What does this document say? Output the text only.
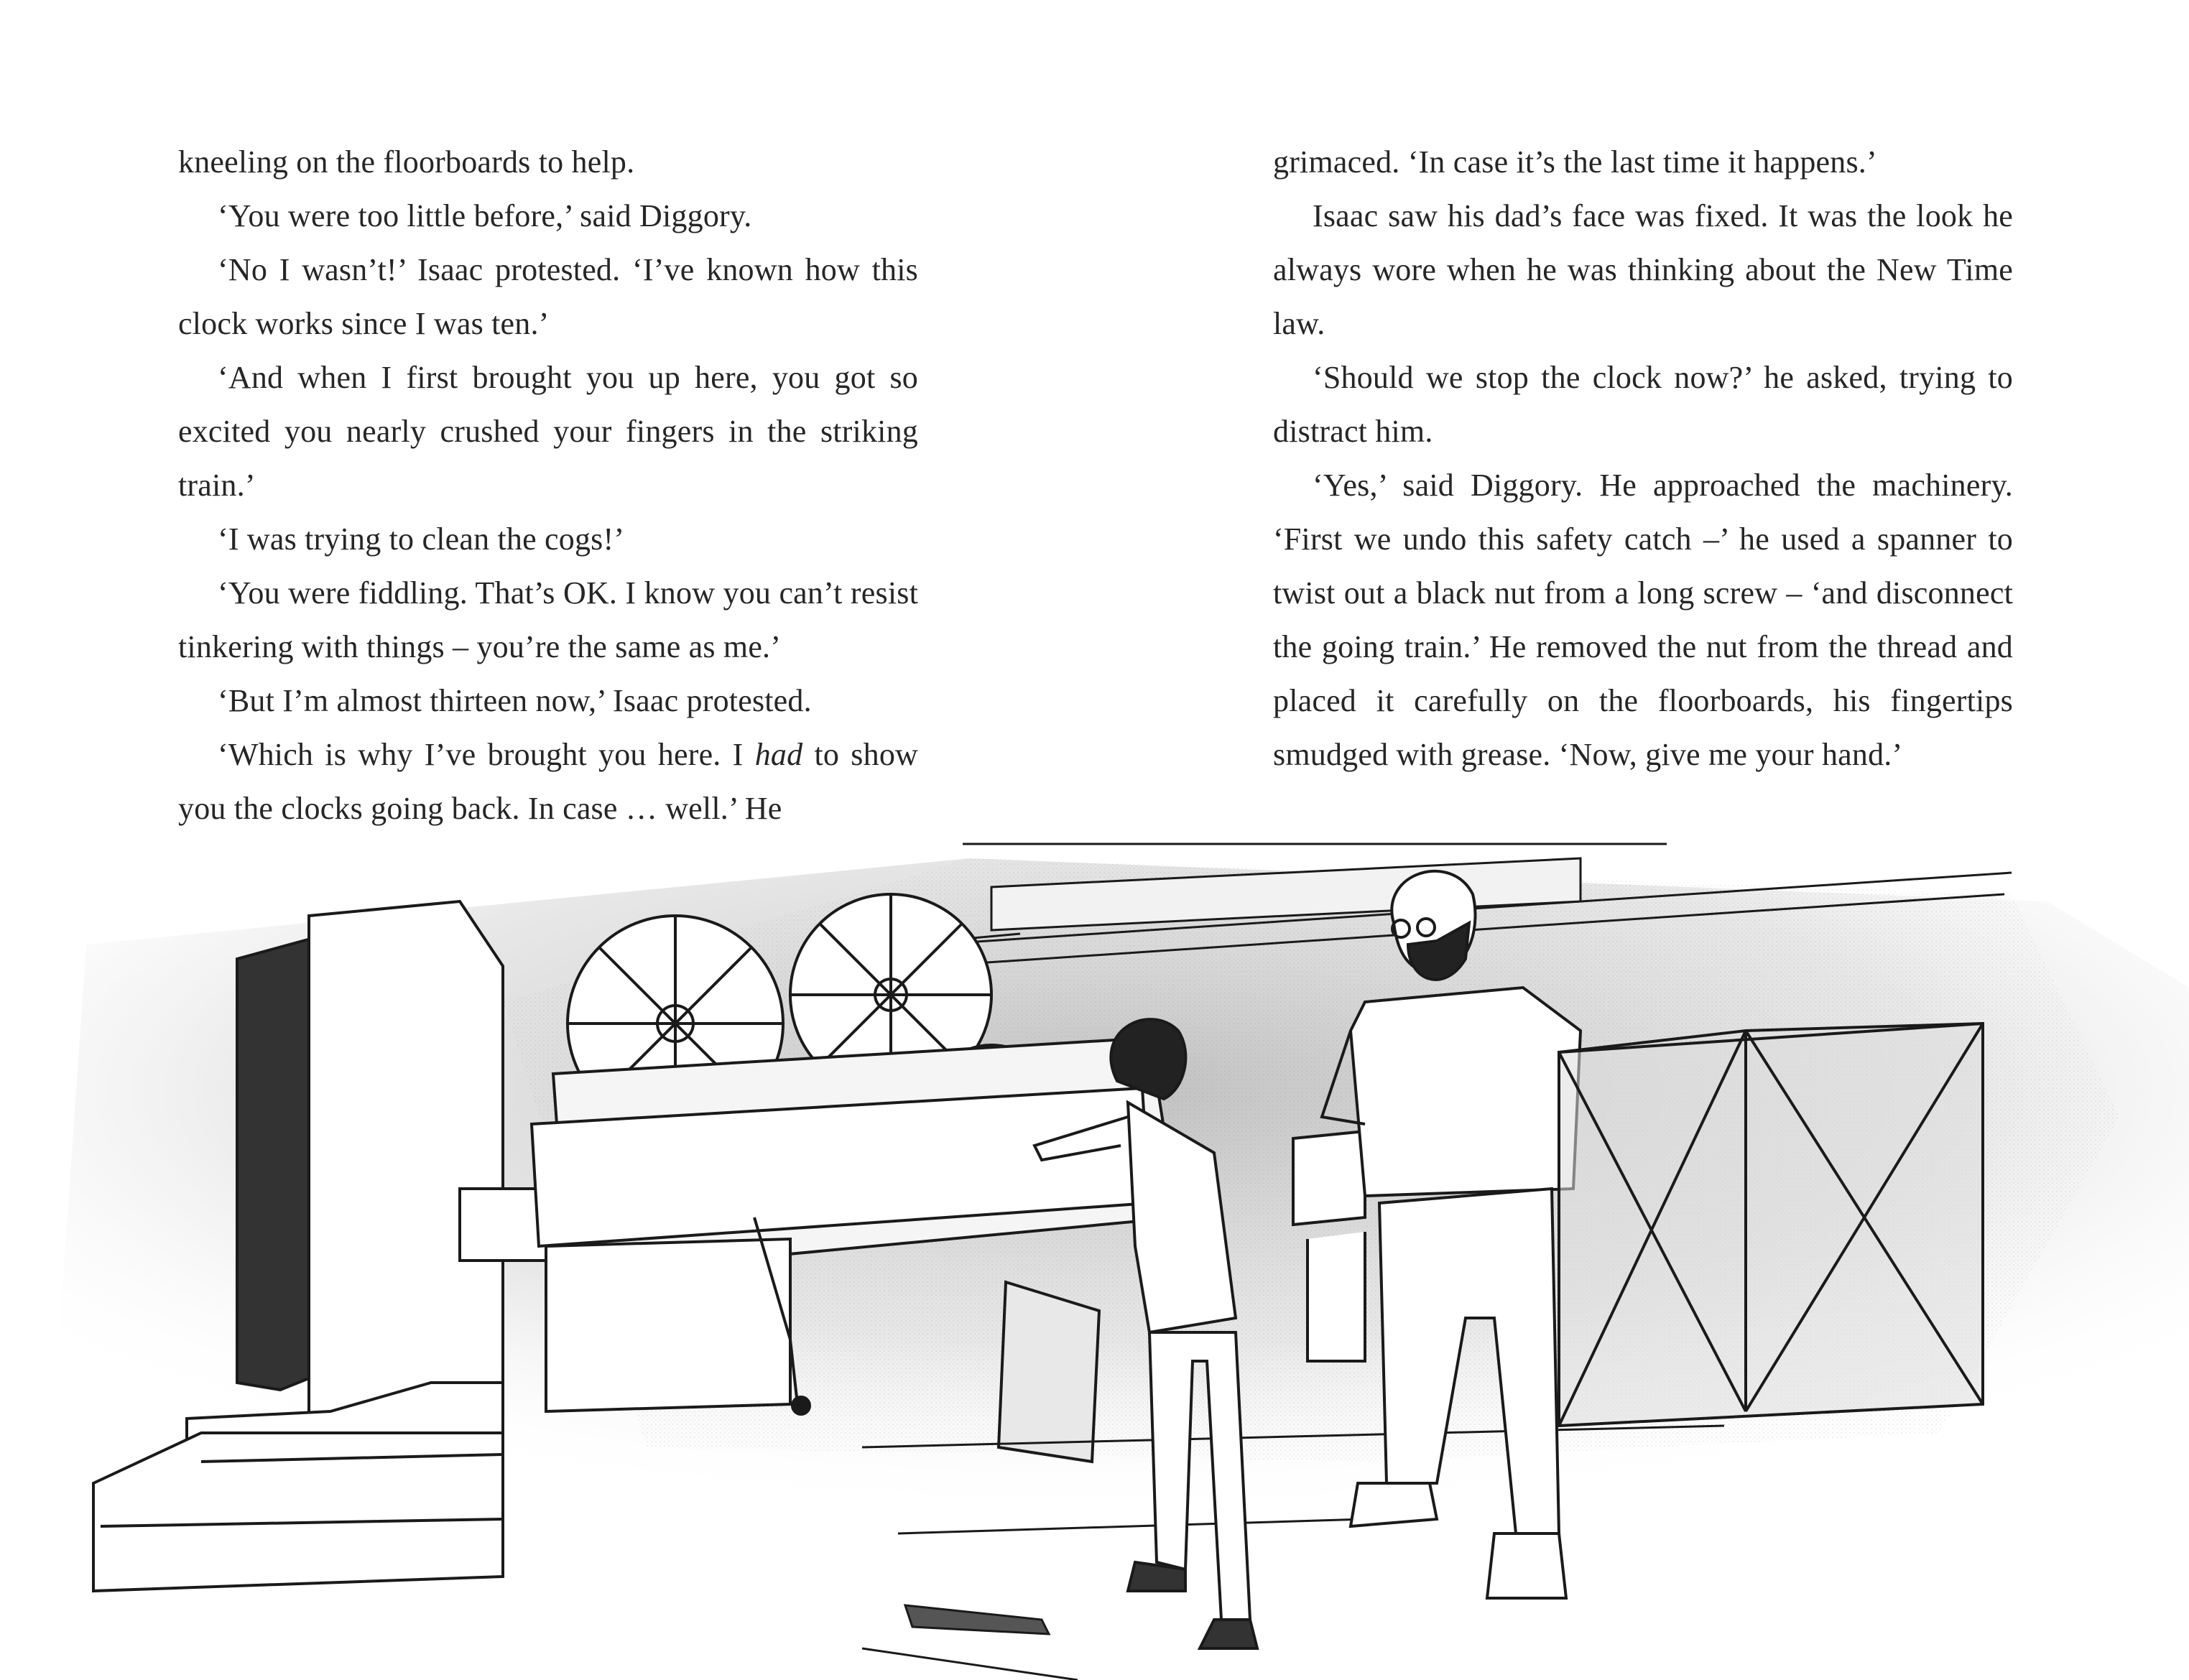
kneeling on the floorboards to help.

‘You were too little before,’ said Diggory.

‘No I wasn’t!’ Isaac protested. ‘I’ve known how this clock works since I was ten.’

‘And when I first brought you up here, you got so excited you nearly crushed your fingers in the striking train.’

‘I was trying to clean the cogs!’

‘You were fiddling. That’s OK. I know you can’t resist tinkering with things – you’re the same as me.’

‘But I’m almost thirteen now,’ Isaac protested.

‘Which is why I’ve brought you here. I had to show you the clocks going back. In case … well.’ He

grimaced. ‘In case it’s the last time it happens.’

Isaac saw his dad’s face was fixed. It was the look he always wore when he was thinking about the New Time law.

‘Should we stop the clock now?’ he asked, trying to distract him.

‘Yes,’ said Diggory. He approached the machinery. ‘First we undo this safety catch –’ he used a spanner to twist out a black nut from a long screw – ‘and disconnect the going train.’ He removed the nut from the thread and placed it carefully on the floorboards, his fingertips smudged with grease. ‘Now, give me your hand.’
